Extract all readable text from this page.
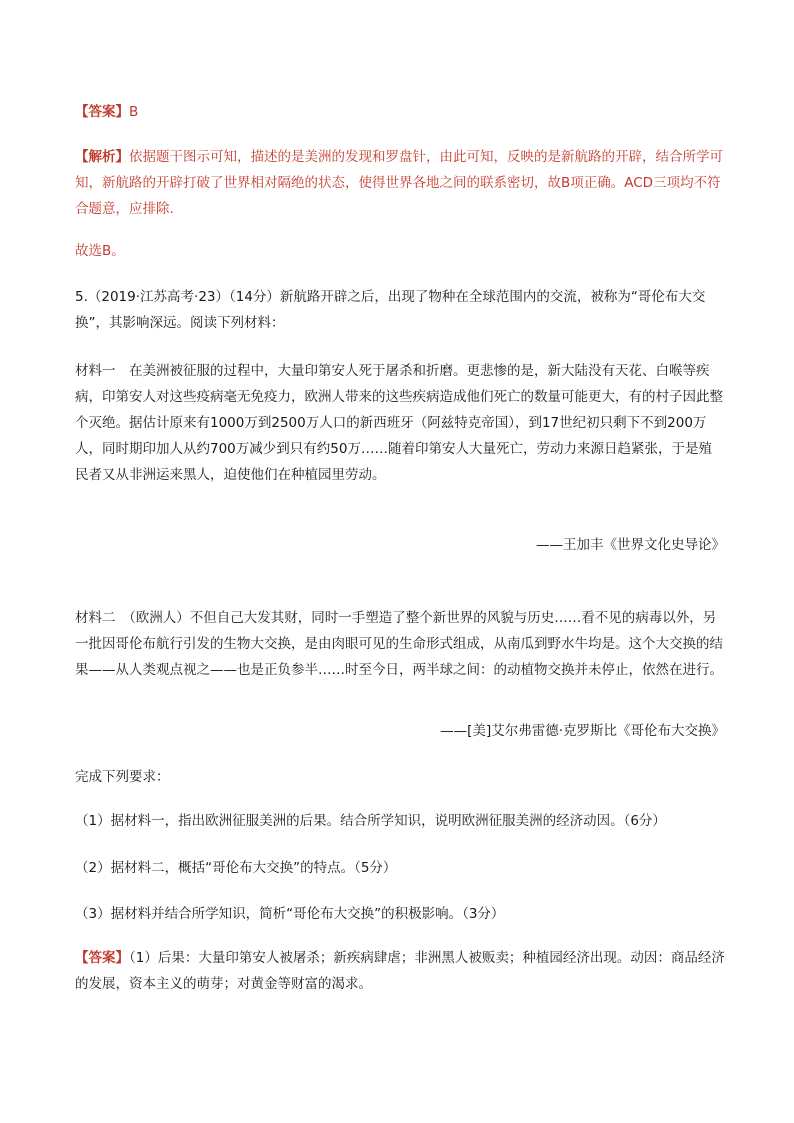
【答案】B
【解析】依据题干图示可知，描述的是美洲的发现和罗盘针，由此可知，反映的是新航路的开辟，结合所学可知，新航路的开辟打破了世界相对隔绝的状态，使得世界各地之间的联系密切，故B项正确。ACD三项均不符合题意，应排除.
故选B。
5.（2019·江苏高考·23）（14分）新航路开辟之后，出现了物种在全球范围内的交流，被称为“哥伦布大交换”，其影响深远。阅读下列材料：
材料一　在美洲被征服的过程中，大量印第安人死于屠杀和折磨。更悲惨的是，新大陆没有天花、白喉等疾病，印第安人对这些疫病毫无免疫力，欧洲人带来的这些疾病造成他们死亡的数量可能更大，有的村子因此整个灭绝。据估计原来有1000万到2500万人口的新西班牙（阿兹特克帝国），到17世纪初只剩下不到200万人，同时期印加人从约700万减少到只有约50万……随着印第安人大量死亡，劳动力来源日趋紧张，于是殖民者又从非洲运来黑人，迫使他们在种植园里劳动。
——王加丰《世界文化史导论》
材料二　（欧洲人）不但自己大发其财，同时一手塑造了整个新世界的风貌与历史……看不见的病毒以外，另一批因哥伦布航行引发的生物大交换，是由肉眼可见的生命形式组成，从南瓜到野水牛均是。这个大交换的结果——从人类观点视之——也是正负参半……时至今日，两半球之间：的动植物交换并未停止，依然在进行。
——[美]艾尔弗雷德·克罗斯比《哥伦布大交换》
完成下列要求：
（1）据材料一，指出欧洲征服美洲的后果。结合所学知识，说明欧洲征服美洲的经济动因。（6分）
（2）据材料二，概括“哥伦布大交换”的特点。（5分）
（3）据材料并结合所学知识，简析“哥伦布大交换”的积极影响。（3分）
【答案】（1）后果：大量印第安人被屠杀；新疾病肆虐；非洲黑人被贩卖；种植园经济出现。动因：商品经济的发展，资本主义的萌芽；对黄金等财富的渴求。
